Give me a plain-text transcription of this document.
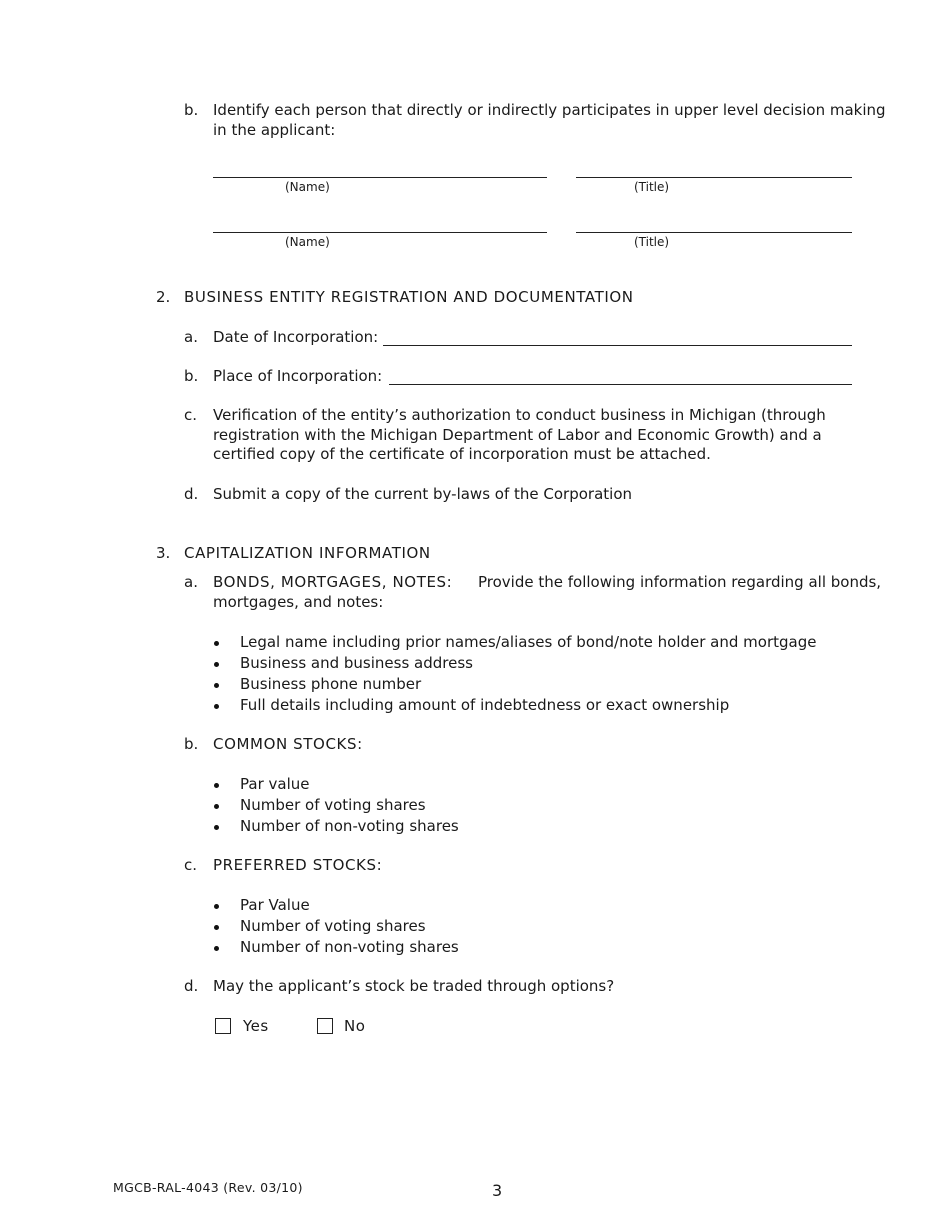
b. Identify each person that directly or indirectly participates in upper level decision making
in the applicant:
(Name)	(Title)
(Name)	(Title)
2. BUSINESS ENTITY REGISTRATION AND DOCUMENTATION
a. Date of Incorporation:
b. Place of Incorporation:
c. Verification of the entity’s authorization to conduct business in Michigan (through
registration with the Michigan Department of Labor and Economic Growth) and a
certified copy of the certificate of incorporation must be attached.
d. Submit a copy of the current by-laws of the Corporation
3. CAPITALIZATION INFORMATION
a. BONDS, MORTGAGES, NOTES: Provide the following information regarding all bonds,
mortgages, and notes:
Legal name including prior names/aliases of bond/note holder and mortgage
Business and business address
Business phone number
Full details including amount of indebtedness or exact ownership
b. COMMON STOCKS:
Par value
Number of voting shares
Number of non-voting shares
c. PREFERRED STOCKS:
Par Value
Number of voting shares
Number of non-voting shares
d. May the applicant’s stock be traded through options?
Yes	No
MGCB-RAL-4043 (Rev. 03/10)	3
